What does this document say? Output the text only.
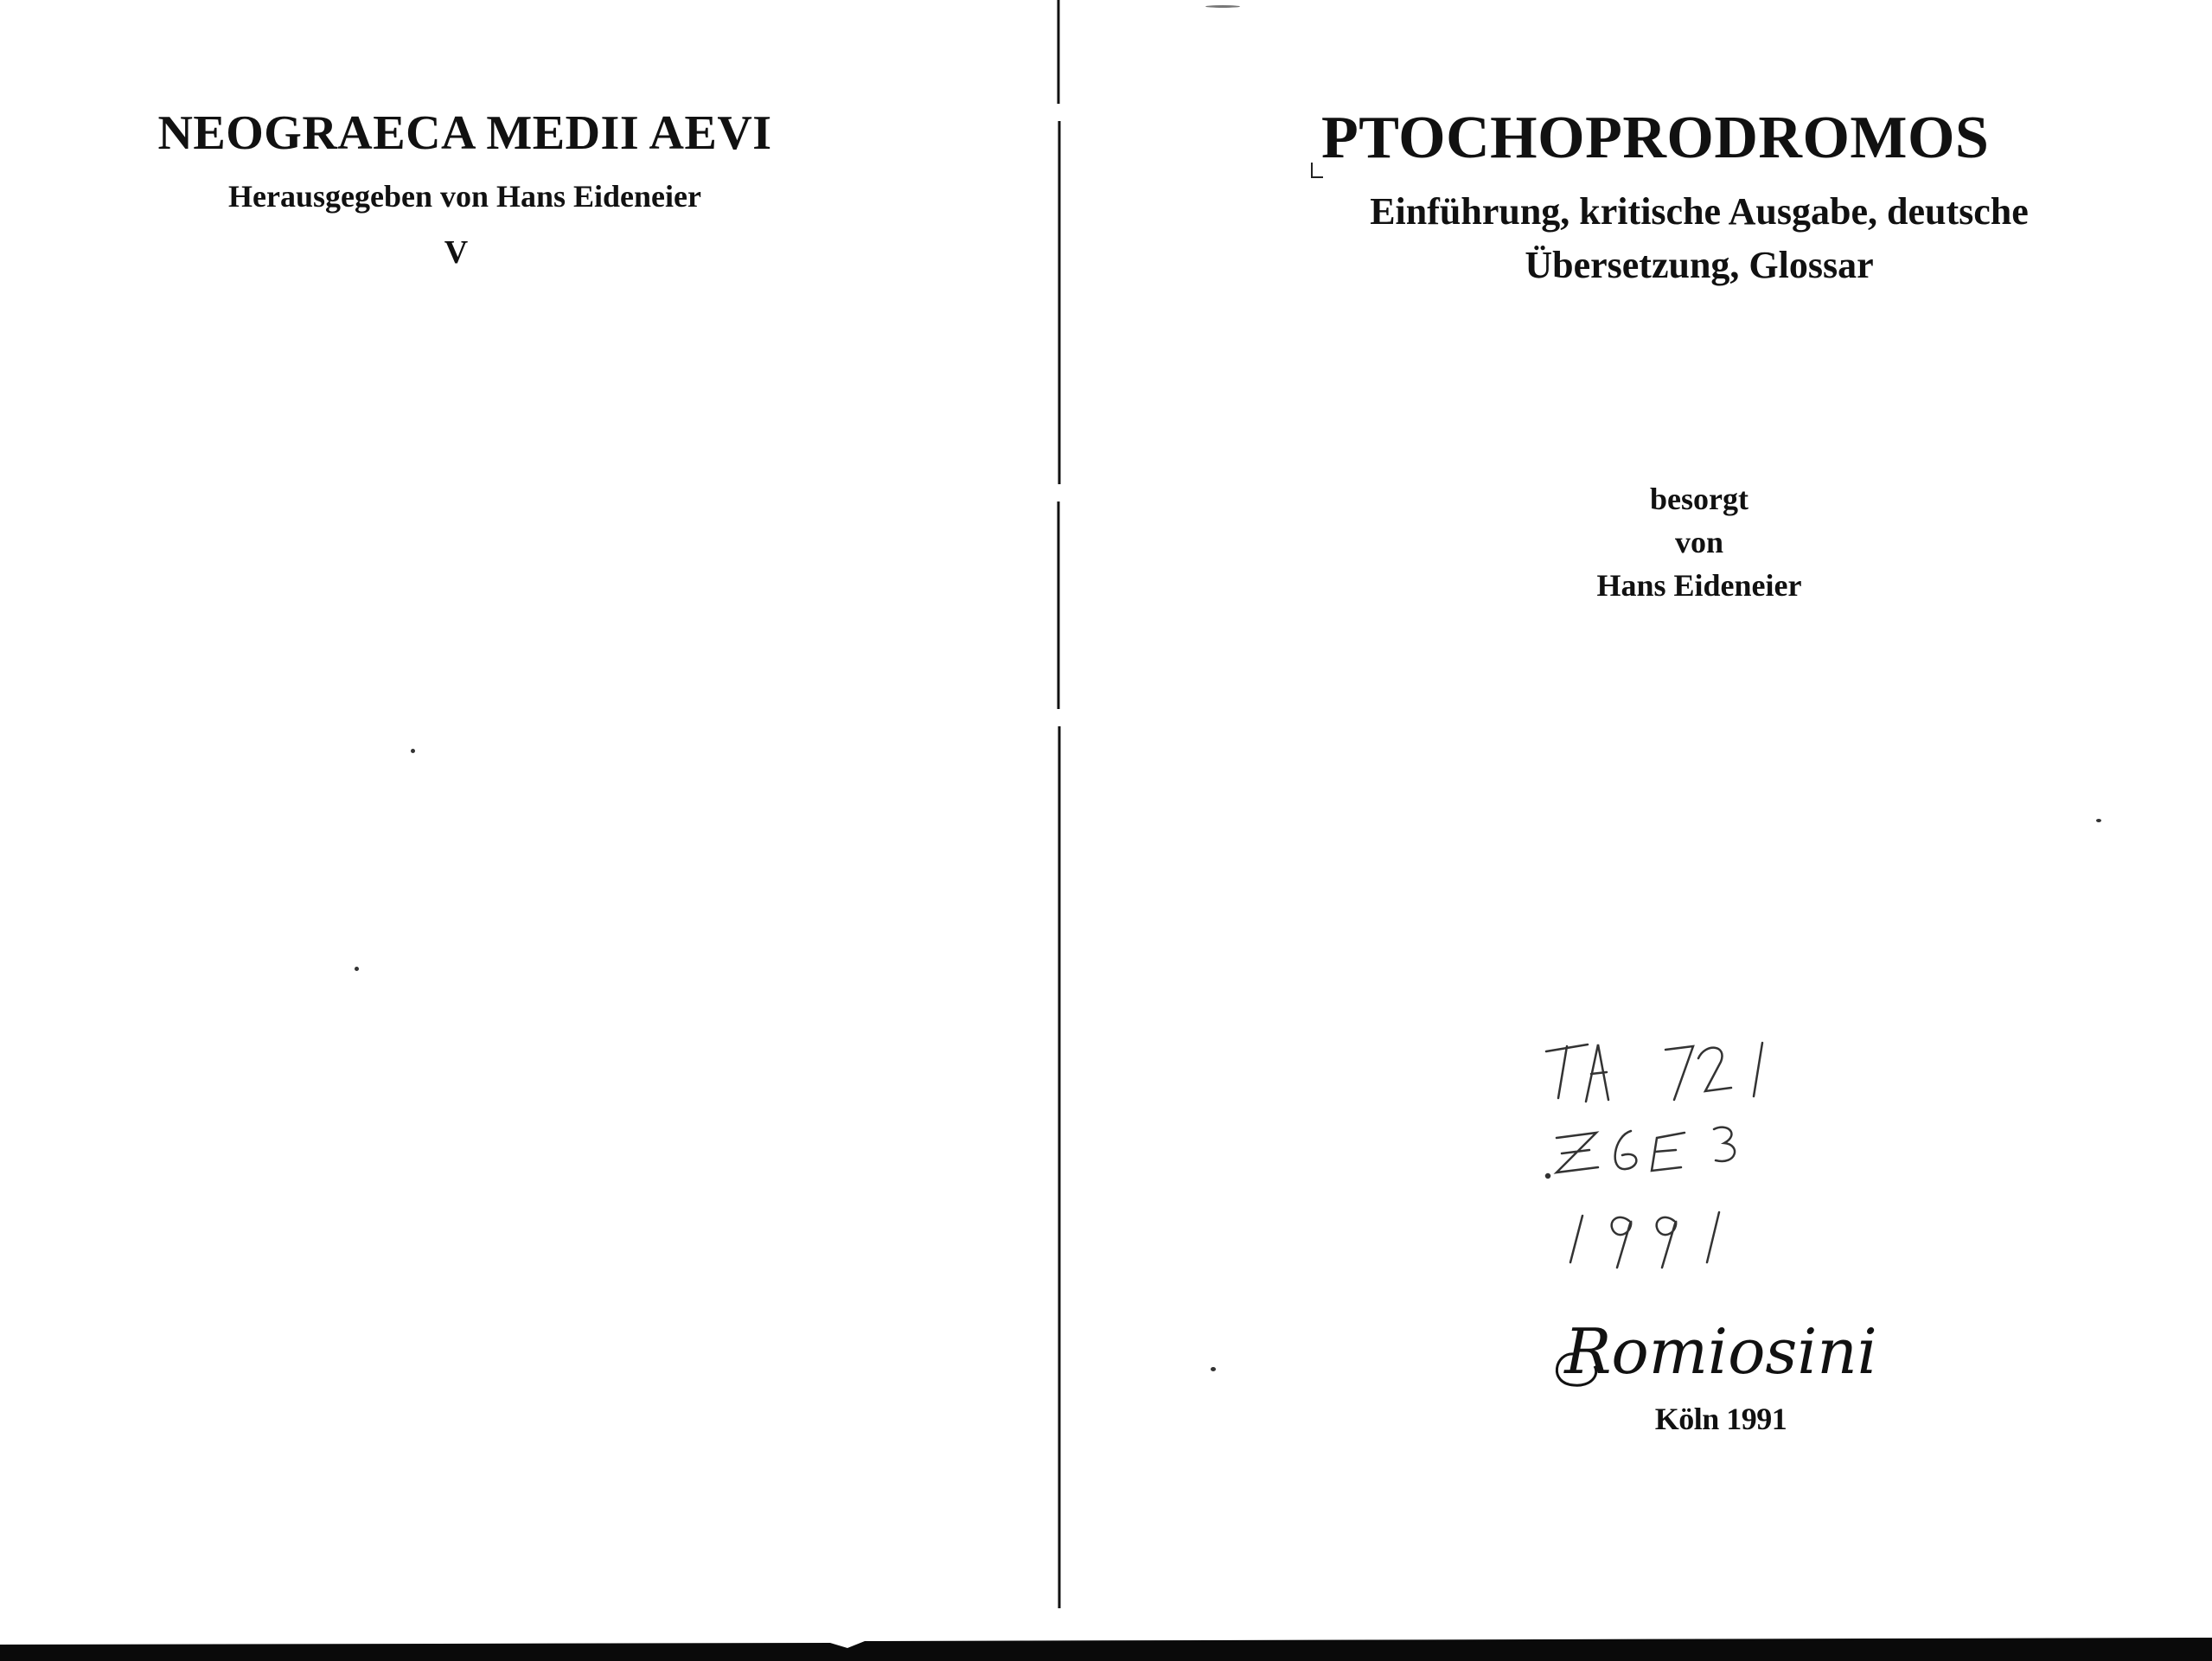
NEOGRAECA MEDII AEVI
Herausgegeben von Hans Eideneier
V
PTOCHOPRODROMOS
Einführung, kritische Ausgabe, deutsche
Übersetzung, Glossar
besorgt
von
Hans Eideneier
Romiosini
Köln 1991
